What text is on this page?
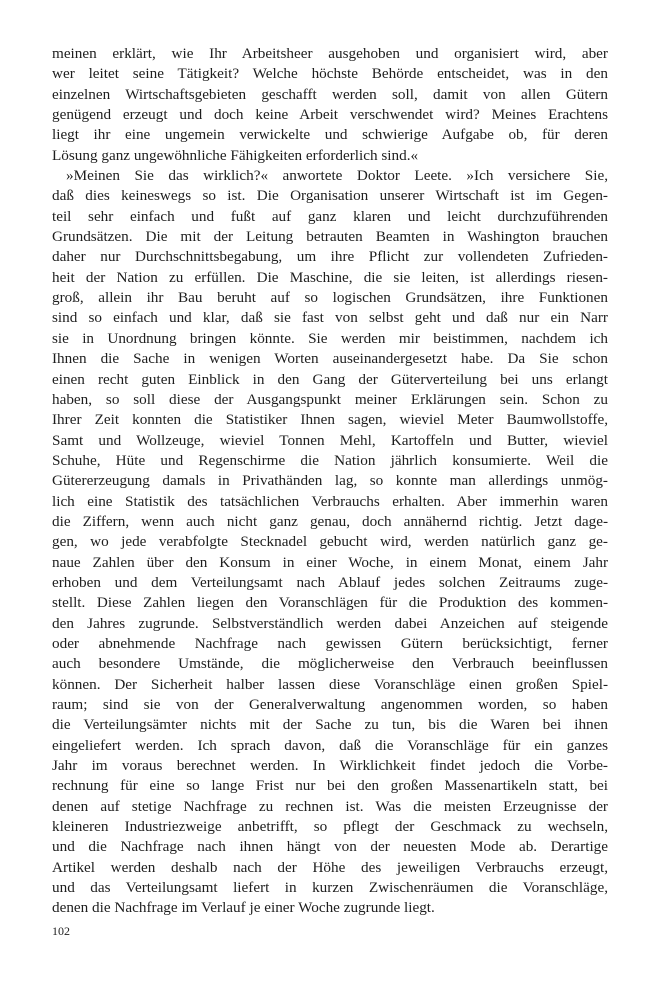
meinen erklärt, wie Ihr Arbeitsheer ausgehoben und organisiert wird, aber
wer leitet seine Tätigkeit? Welche höchste Behörde entscheidet, was in den
einzelnen Wirtschaftsgebieten geschafft werden soll, damit von allen Gütern
genügend erzeugt und doch keine Arbeit verschwendet wird? Meines Erachtens
liegt ihr eine ungemein verwickelte und schwierige Aufgabe ob, für deren
Lösung ganz ungewöhnliche Fähigkeiten erforderlich sind.«
»Meinen Sie das wirklich?« anwortete Doktor Leete. »Ich versichere Sie,
daß dies keineswegs so ist. Die Organisation unserer Wirtschaft ist im Gegen-
teil sehr einfach und fußt auf ganz klaren und leicht durchzuführenden
Grundsätzen. Die mit der Leitung betrauten Beamten in Washington brauchen
daher nur Durchschnittsbegabung, um ihre Pflicht zur vollendeten Zufrieden-
heit der Nation zu erfüllen. Die Maschine, die sie leiten, ist allerdings riesen-
groß, allein ihr Bau beruht auf so logischen Grundsätzen, ihre Funktionen
sind so einfach und klar, daß sie fast von selbst geht und daß nur ein Narr
sie in Unordnung bringen könnte. Sie werden mir beistimmen, nachdem ich
Ihnen die Sache in wenigen Worten auseinandergesetzt habe. Da Sie schon
einen recht guten Einblick in den Gang der Güterverteilung bei uns erlangt
haben, so soll diese der Ausgangspunkt meiner Erklärungen sein. Schon zu
Ihrer Zeit konnten die Statistiker Ihnen sagen, wieviel Meter Baumwollstoffe,
Samt und Wollzeuge, wieviel Tonnen Mehl, Kartoffeln und Butter, wieviel
Schuhe, Hüte und Regenschirme die Nation jährlich konsumierte. Weil die
Gütererzeugung damals in Privathänden lag, so konnte man allerdings unmög-
lich eine Statistik des tatsächlichen Verbrauchs erhalten. Aber immerhin waren
die Ziffern, wenn auch nicht ganz genau, doch annähernd richtig. Jetzt dage-
gen, wo jede verabfolgte Stecknadel gebucht wird, werden natürlich ganz ge-
naue Zahlen über den Konsum in einer Woche, in einem Monat, einem Jahr
erhoben und dem Verteilungsamt nach Ablauf jedes solchen Zeitraums zuge-
stellt. Diese Zahlen liegen den Voranschlägen für die Produktion des kommen-
den Jahres zugrunde. Selbstverständlich werden dabei Anzeichen auf steigende
oder abnehmende Nachfrage nach gewissen Gütern berücksichtigt, ferner
auch besondere Umstände, die möglicherweise den Verbrauch beeinflussen
können. Der Sicherheit halber lassen diese Voranschläge einen großen Spiel-
raum; sind sie von der Generalverwaltung angenommen worden, so haben
die Verteilungsämter nichts mit der Sache zu tun, bis die Waren bei ihnen
eingeliefert werden. Ich sprach davon, daß die Voranschläge für ein ganzes
Jahr im voraus berechnet werden. In Wirklichkeit findet jedoch die Vorbe-
rechnung für eine so lange Frist nur bei den großen Massenartikeln statt, bei
denen auf stetige Nachfrage zu rechnen ist. Was die meisten Erzeugnisse der
kleineren Industriezweige anbetrifft, so pflegt der Geschmack zu wechseln,
und die Nachfrage nach ihnen hängt von der neuesten Mode ab. Derartige
Artikel werden deshalb nach der Höhe des jeweiligen Verbrauchs erzeugt,
und das Verteilungsamt liefert in kurzen Zwischenräumen die Voranschläge,
denen die Nachfrage im Verlauf je einer Woche zugrunde liegt.
102
